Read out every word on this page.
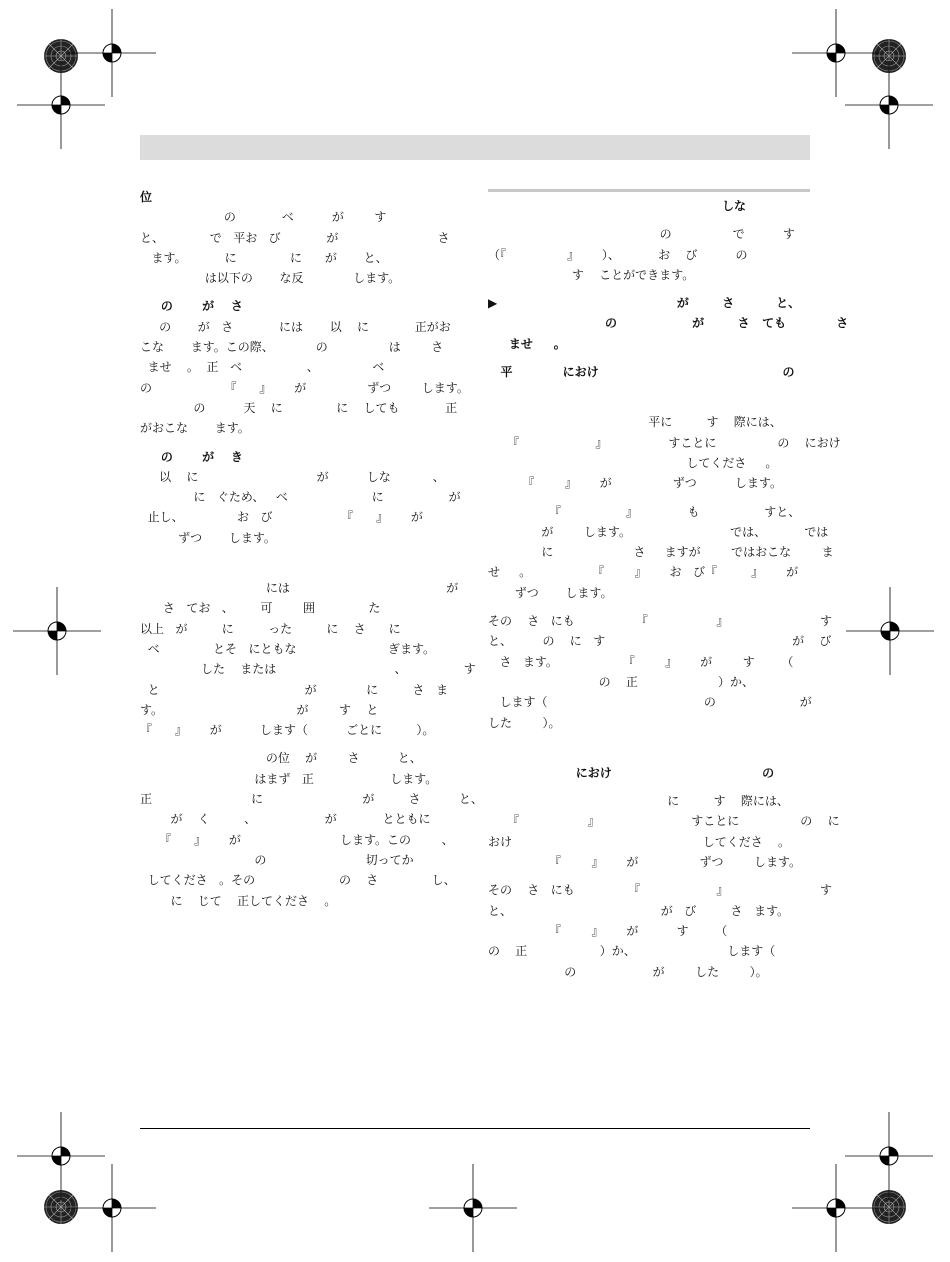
位
の            ベ          が        す
と、            で   平お   び            が                          さ
ます。          に              に      が       と、
は以下の       な反             します。
の       が    さ
の       が   さ            には       以    に            正がお
こな       ます。この際、           の                は        さ
ませ    。  正   ベ                 、              ベ
の                   『      』      が                ずつ        します。
の          天    に              に    しても            正
がおこな       ます。
の       が    き
以    に                               が          しな           、
に   ぐため、   ベ                      に                 が
止し、              お   び                  『      』      が
ずつ       します。
には                                         が
さ   てお   、       可        囲              た
以上   が         に         った         に    さ      に
ベ              とそ   にともな                        ぎます。
した    または                               、               す
と                                      が             に         さ   ま
す。                                   が        す    と
『      』      が          します（          ごとに         ）。
の位    が        さ          と、
はまず   正                    します。
正                          に                          が         さ          と、
が    く         、                  が            とともに
『      』      が                          します。この        、
の                          切ってか
してくださ   。その                      の    さ              し、
に    じて    正してくださ    。
しな
の                で          す
（『                』      ）、          お    び          の
す    ことができます。
▶                                           が        さ          と、
の                  が        さ   ても            さ
ませ     。
平            におけ                                            の
平に         す    際には、
『                    』                すことに                の    におけ
してくださ     。
『        』      が                ずつ          します。
『                 』             も                 すと、
が        します。                          では、          では
に                     さ     ますが        ではおこな        ま
せ     。                『        』      お   び『         』      が
ずつ       します。
その    さ   にも                『                  』                        す
と、        の    に   す                                                 が    び
さ   ます。                 『        』      が        す       （
の    正                     ）か、
します（                                         の                      が
した        ）。
におけ                                    の
に         す    際には、
『                  』                        すことに                の    に
おけ                                                  してくださ    。
『        』      が                ずつ        します。
その    さ   にも              『                    』                        す
と、                                       が   び         さ   ます。
『        』      が          す       （
の    正                   ）か、                        します（
の                    が        した        ）。
